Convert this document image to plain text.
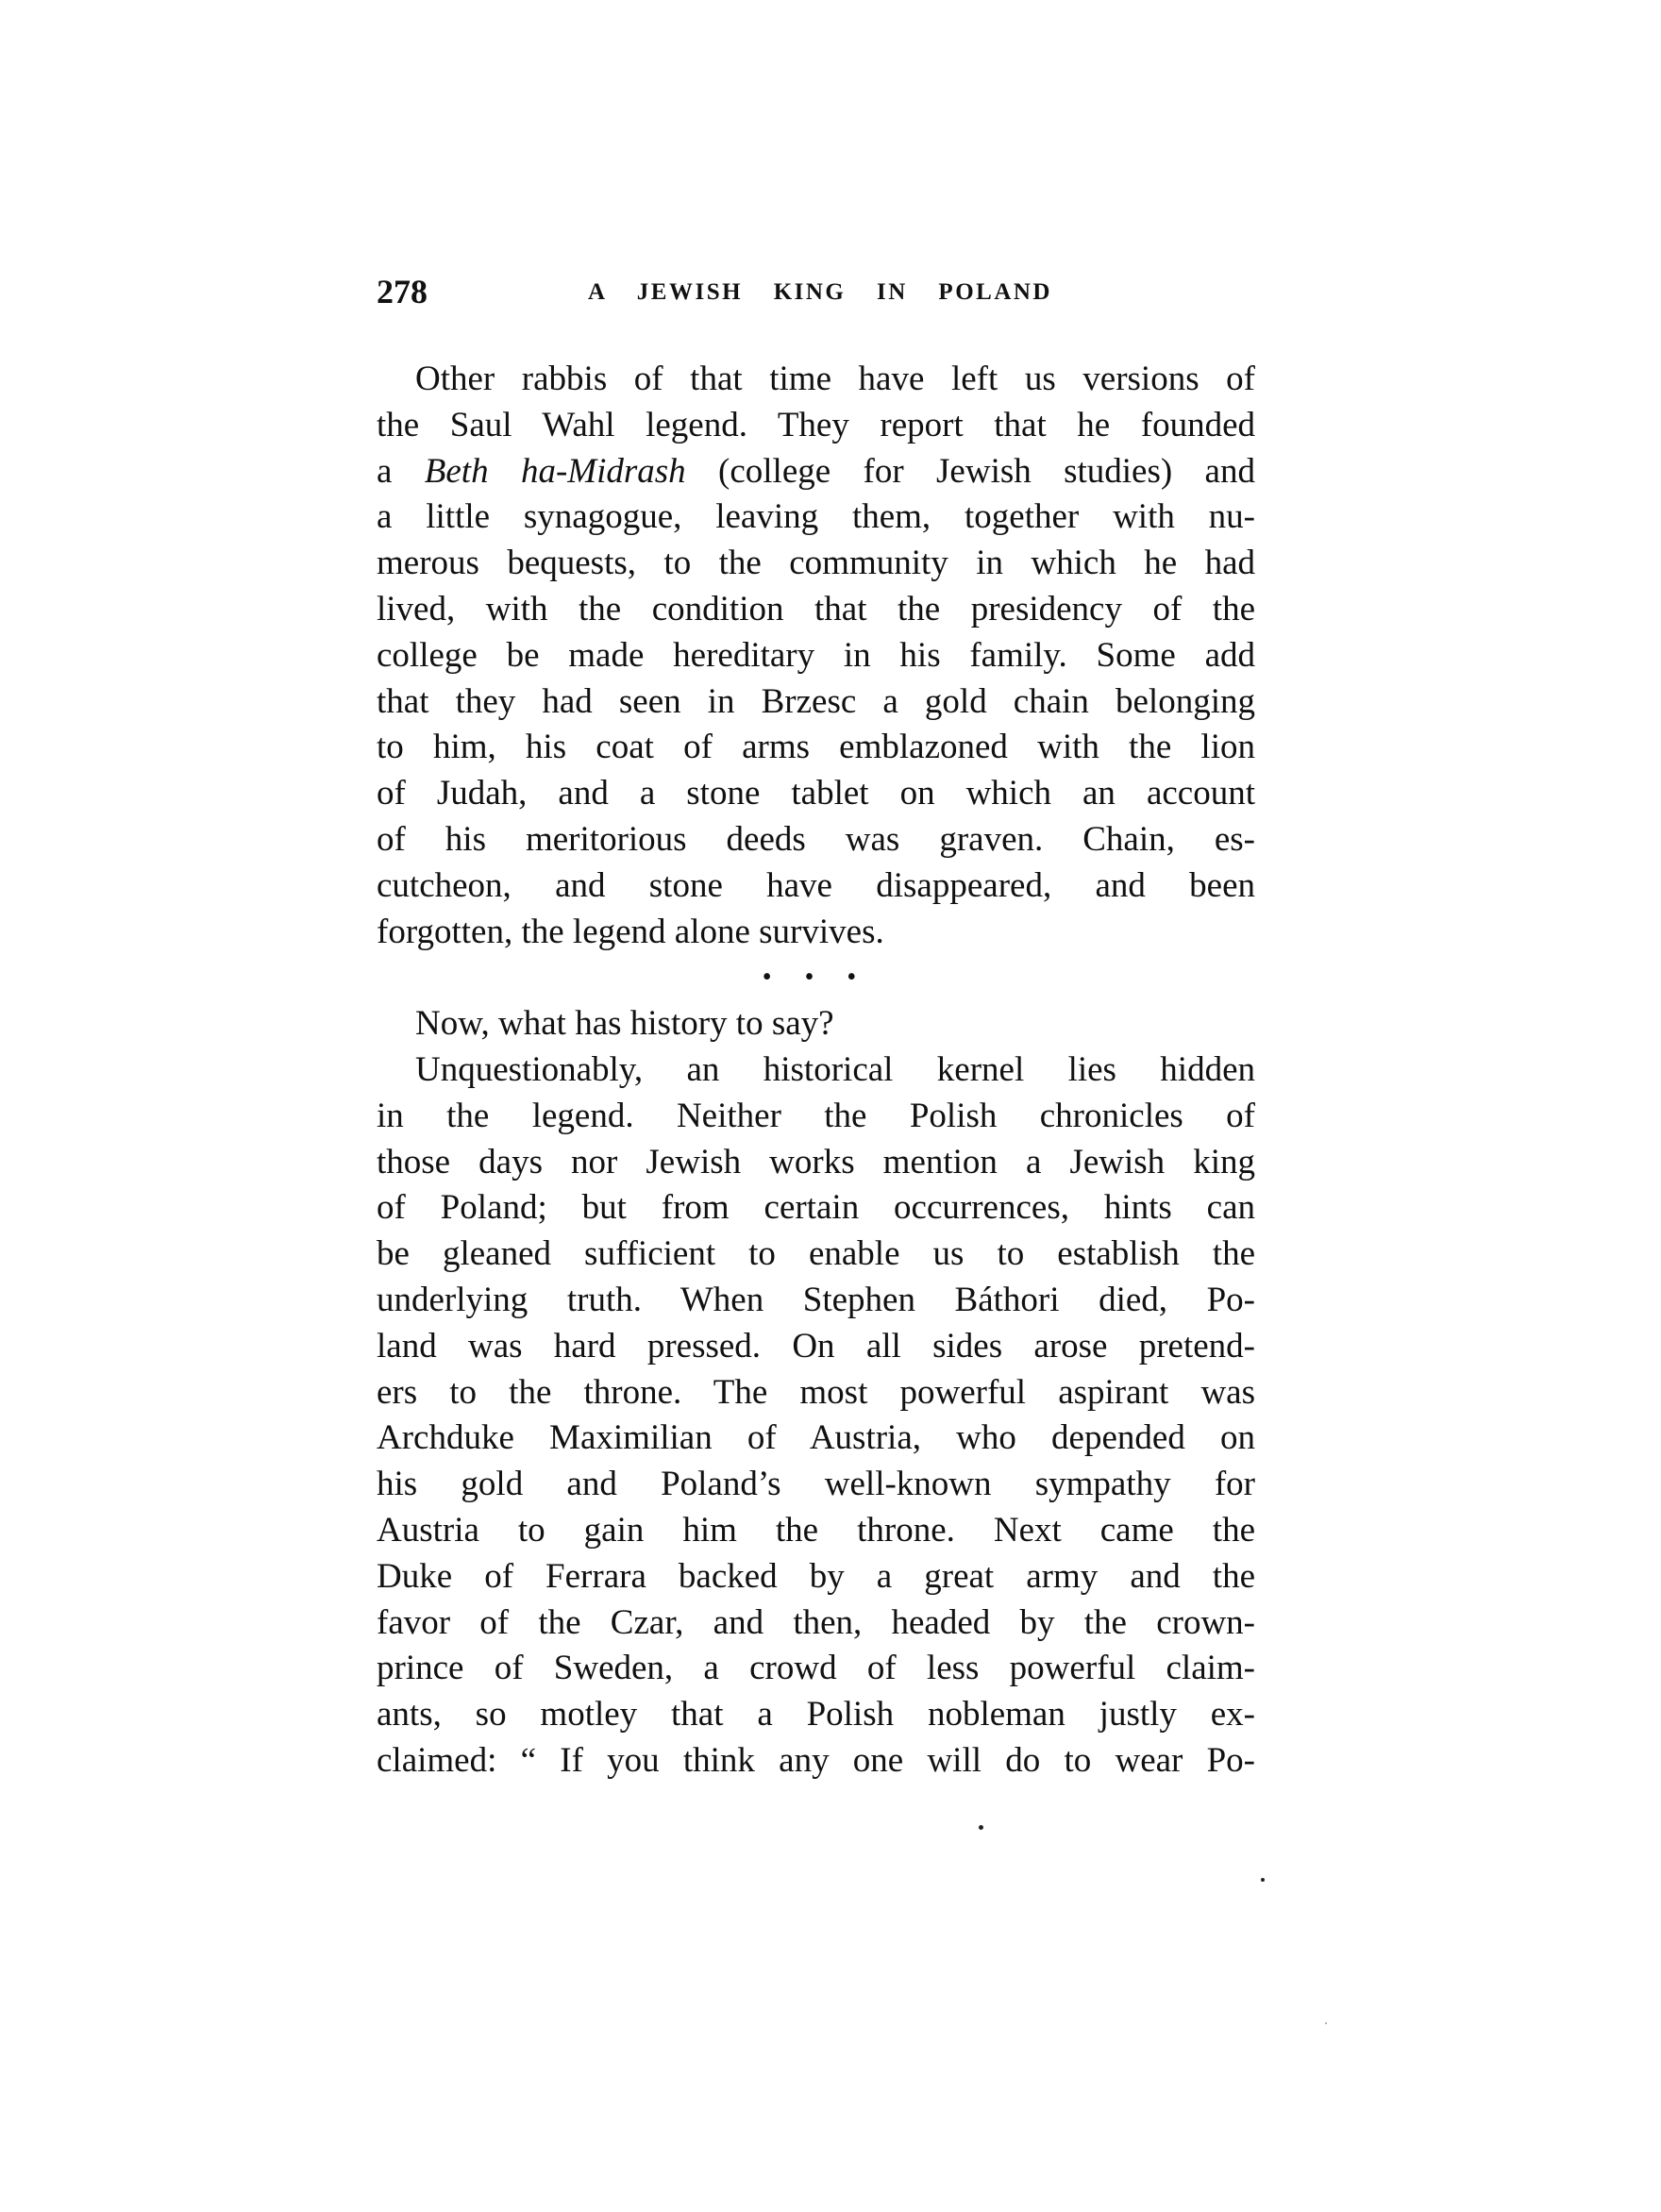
278	A JEWISH KING IN POLAND
Other rabbis of that time have left us versions of
the Saul Wahl legend. They report that he founded
a Beth ha-Midrash (college for Jewish studies) and
a little synagogue, leaving them, together with nu-
merous bequests, to the community in which he had
lived, with the condition that the presidency of the
college be made hereditary in his family. Some add
that they had seen in Brzesc a gold chain belonging
to him, his coat of arms emblazoned with the lion
of Judah, and a stone tablet on which an account
of his meritorious deeds was graven. Chain, es-
cutcheon, and stone have disappeared, and been
forgotten, the legend alone survives.
• • •
Now, what has history to say?
Unquestionably, an historical kernel lies hidden
in the legend. Neither the Polish chronicles of
those days nor Jewish works mention a Jewish king
of Poland; but from certain occurrences, hints can
be gleaned sufficient to enable us to establish the
underlying truth. When Stephen Báthori died, Po-
land was hard pressed. On all sides arose pretend-
ers to the throne. The most powerful aspirant was
Archduke Maximilian of Austria, who depended on
his gold and Poland’s well-known sympathy for
Austria to gain him the throne. Next came the
Duke of Ferrara backed by a great army and the
favor of the Czar, and then, headed by the crown-
prince of Sweden, a crowd of less powerful claim-
ants, so motley that a Polish nobleman justly ex-
claimed: “ If you think any one will do to wear Po-
